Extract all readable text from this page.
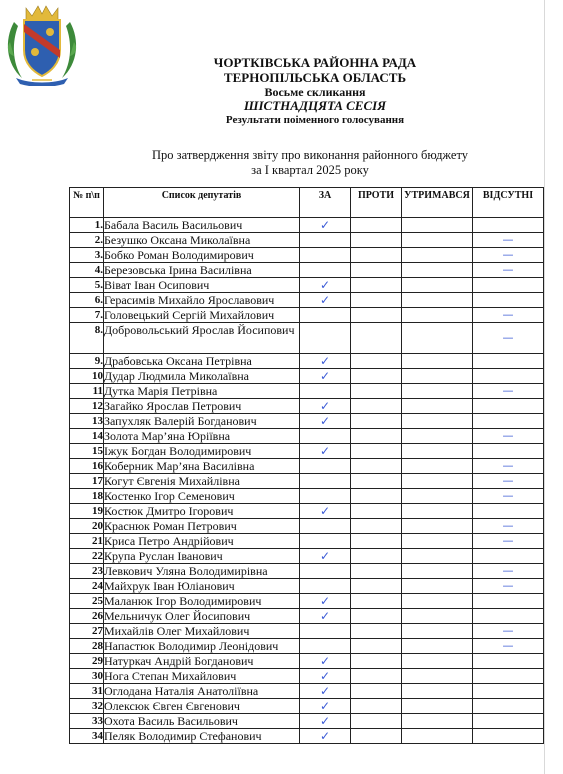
ЧОРТКІВСЬКА РАЙОННА РАДА
ТЕРНОПІЛЬСЬКА ОБЛАСТЬ
Восьме скликання
ШІСТНАДЦЯТА СЕСІЯ
Результати поіменного голосування
Про затвердження звіту про виконання районного бюджету
за І квартал 2025 року
№ п\п	Список депутатів	ЗА	ПРОТИ	УТРИМАВСЯ	ВІДСУТНІ
1.	Бабала Василь Васильович	✓			
2.	Безушко Оксана Миколаївна				—
3.	Бобко Роман Володимирович				—
4.	Березовська Ірина Василівна				—
5.	Віват Іван Осипович	✓			
6.	Герасимів Михайло Ярославович	✓			
7.	Головецький Сергій Михайлович				—
8.	Добровольський Ярослав Йосипович				—
9.	Драбовська Оксана Петрівна	✓			
10	Дудар Людмила Миколаївна	✓			
11	Дутка Марія Петрівна				—
12	Загайко Ярослав Петрович	✓			
13	Запухляк Валерій Богданович	✓			
14	Золота Мар’яна Юріївна				—
15	Іжук Богдан Володимирович	✓			
16	Коберник Мар’яна Василівна				—
17	Когут Євгенія Михайлівна				—
18	Костенко Ігор Семенович				—
19	Костюк Дмитро Ігорович	✓			
20	Краснюк Роман Петрович				—
21	Криса Петро Андрійович				—
22	Крупа Руслан Іванович	✓			
23	Левкович Уляна Володимирівна				—
24	Майхрук Іван Юліанович				—
25	Маланюк Ігор Володимирович	✓			
26	Мельничук Олег Йосипович	✓			
27	Михайлів Олег Михайлович				—
28	Напастюк Володимир Леонідович				—
29	Натуркач Андрій Богданович	✓			
30	Нога Степан Михайлович	✓			
31	Оглодана Наталія Анатоліївна	✓			
32	Олексюк Євген Євгенович	✓			
33	Охота Василь Васильович	✓			
34	Пеляк Володимир Стефанович	✓			
